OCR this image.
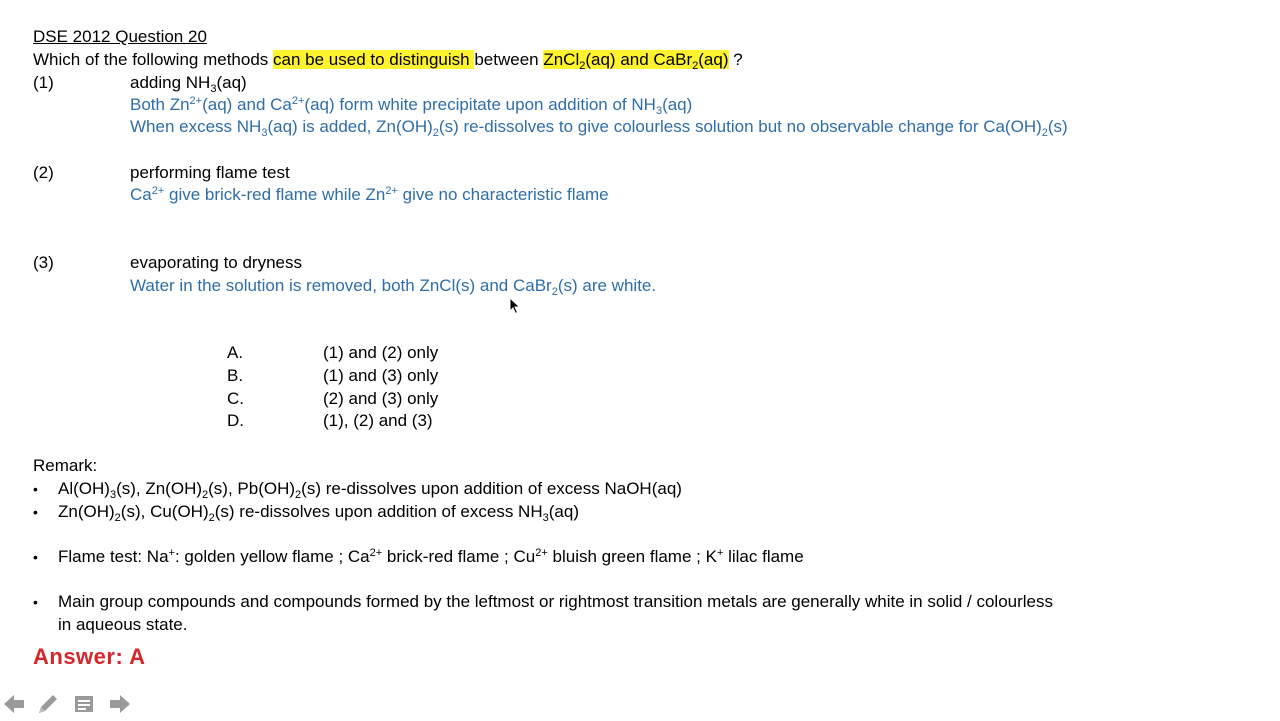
DSE 2012 Question 20
Which of the following methods can be used to distinguish between ZnCl$_2$(aq) and CaBr$_2$(aq) ?
(1)	adding $NH_3(aq)$
Both $Zn^{2+}(aq)$ and $Ca^{2+}(aq)$ form white precipitate upon addition of $NH_3(aq)$
When excess $NH_3(aq)$ is added, $Zn(OH)_2(s)$ re-dissolves to give colourless solution but no observable change for $Ca(OH)_2(s)$
(2)	performing flame test
$Ca^{2+}$ give brick-red flame while $Zn^{2+}$ give no characteristic flame
(3)	evaporating to dryness
Water in the solution is removed, both ZnCl(s) and CaBr$_2$(s) are white.
A.	(1) and (2) only
B.	(1) and (3) only
C.	(2) and (3) only
D.	(1), (2) and (3)
Remark:
• $Al(OH)_3(s)$, $Zn(OH)_2(s)$, $Pb(OH)_2(s)$ re-dissolves upon addition of excess NaOH(aq)
• $Zn(OH)_2(s)$, $Cu(OH)_2(s)$ re-dissolves upon addition of excess $NH_3(aq)$
• Flame test: Na+: golden yellow flame ; $Ca^{2+}$ brick-red flame ; $Cu^{2+}$ bluish green flame ; K+ lilac flame
• Main group compounds and compounds formed by the leftmost or rightmost transition metals are generally white in solid / colourless
in aqueous state.
Answer: A
